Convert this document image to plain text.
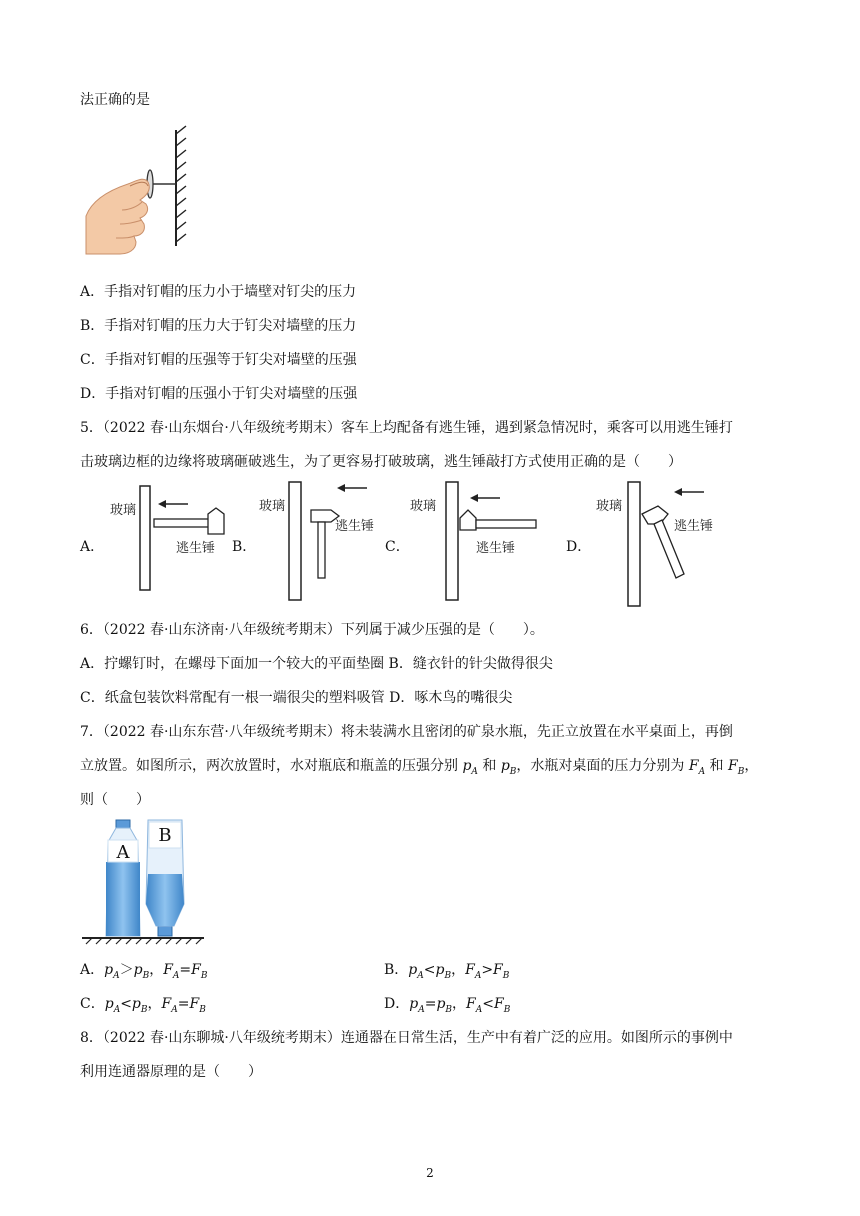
法正确的是
A．手指对钉帽的压力小于墙壁对钉尖的压力
B．手指对钉帽的压力大于钉尖对墙壁的压力
C．手指对钉帽的压强等于钉尖对墙壁的压强
D．手指对钉帽的压强小于钉尖对墙壁的压强
5．（2022 春·山东烟台·八年级统考期末）客车上均配备有逃生锤，遇到紧急情况时，乘客可以用逃生锤打
击玻璃边框的边缘将玻璃砸破逃生，为了更容易打破玻璃，逃生锤敲打方式使用正确的是（　　）
A．
玻璃
逃生锤 B．
玻璃
逃生锤
C．
玻璃
逃生锤	D．
玻璃
逃生锤
6．（2022 春·山东济南·八年级统考期末）下列属于减少压强的是（　　）。
A．拧螺钉时，在螺母下面加一个较大的平面垫圈 B．缝衣针的针尖做得很尖
C．纸盒包装饮料常配有一根一端很尖的塑料吸管 D．啄木鸟的嘴很尖
7．（2022 春·山东东营·八年级统考期末）将未装满水且密闭的矿泉水瓶，先正立放置在水平桌面上，再倒
立放置。如图所示，两次放置时，水对瓶底和瓶盖的压强分别 $p_A$ 和 $p_B$，水瓶对桌面的压力分别为 $F_A$ 和 $F_B$，
则（　　）
A
B
A．$p_A>p_B$，$F_A=F_B$	B．$p_A<p_B$，$F_A>F_B$
C．$p_A<p_B$，$F_A=F_B$	D．$p_A=p_B$，$F_A<F_B$
8．（2022 春·山东聊城·八年级统考期末）连通器在日常生活，生产中有着广泛的应用。如图所示的事例中
利用连通器原理的是（　　）
2
